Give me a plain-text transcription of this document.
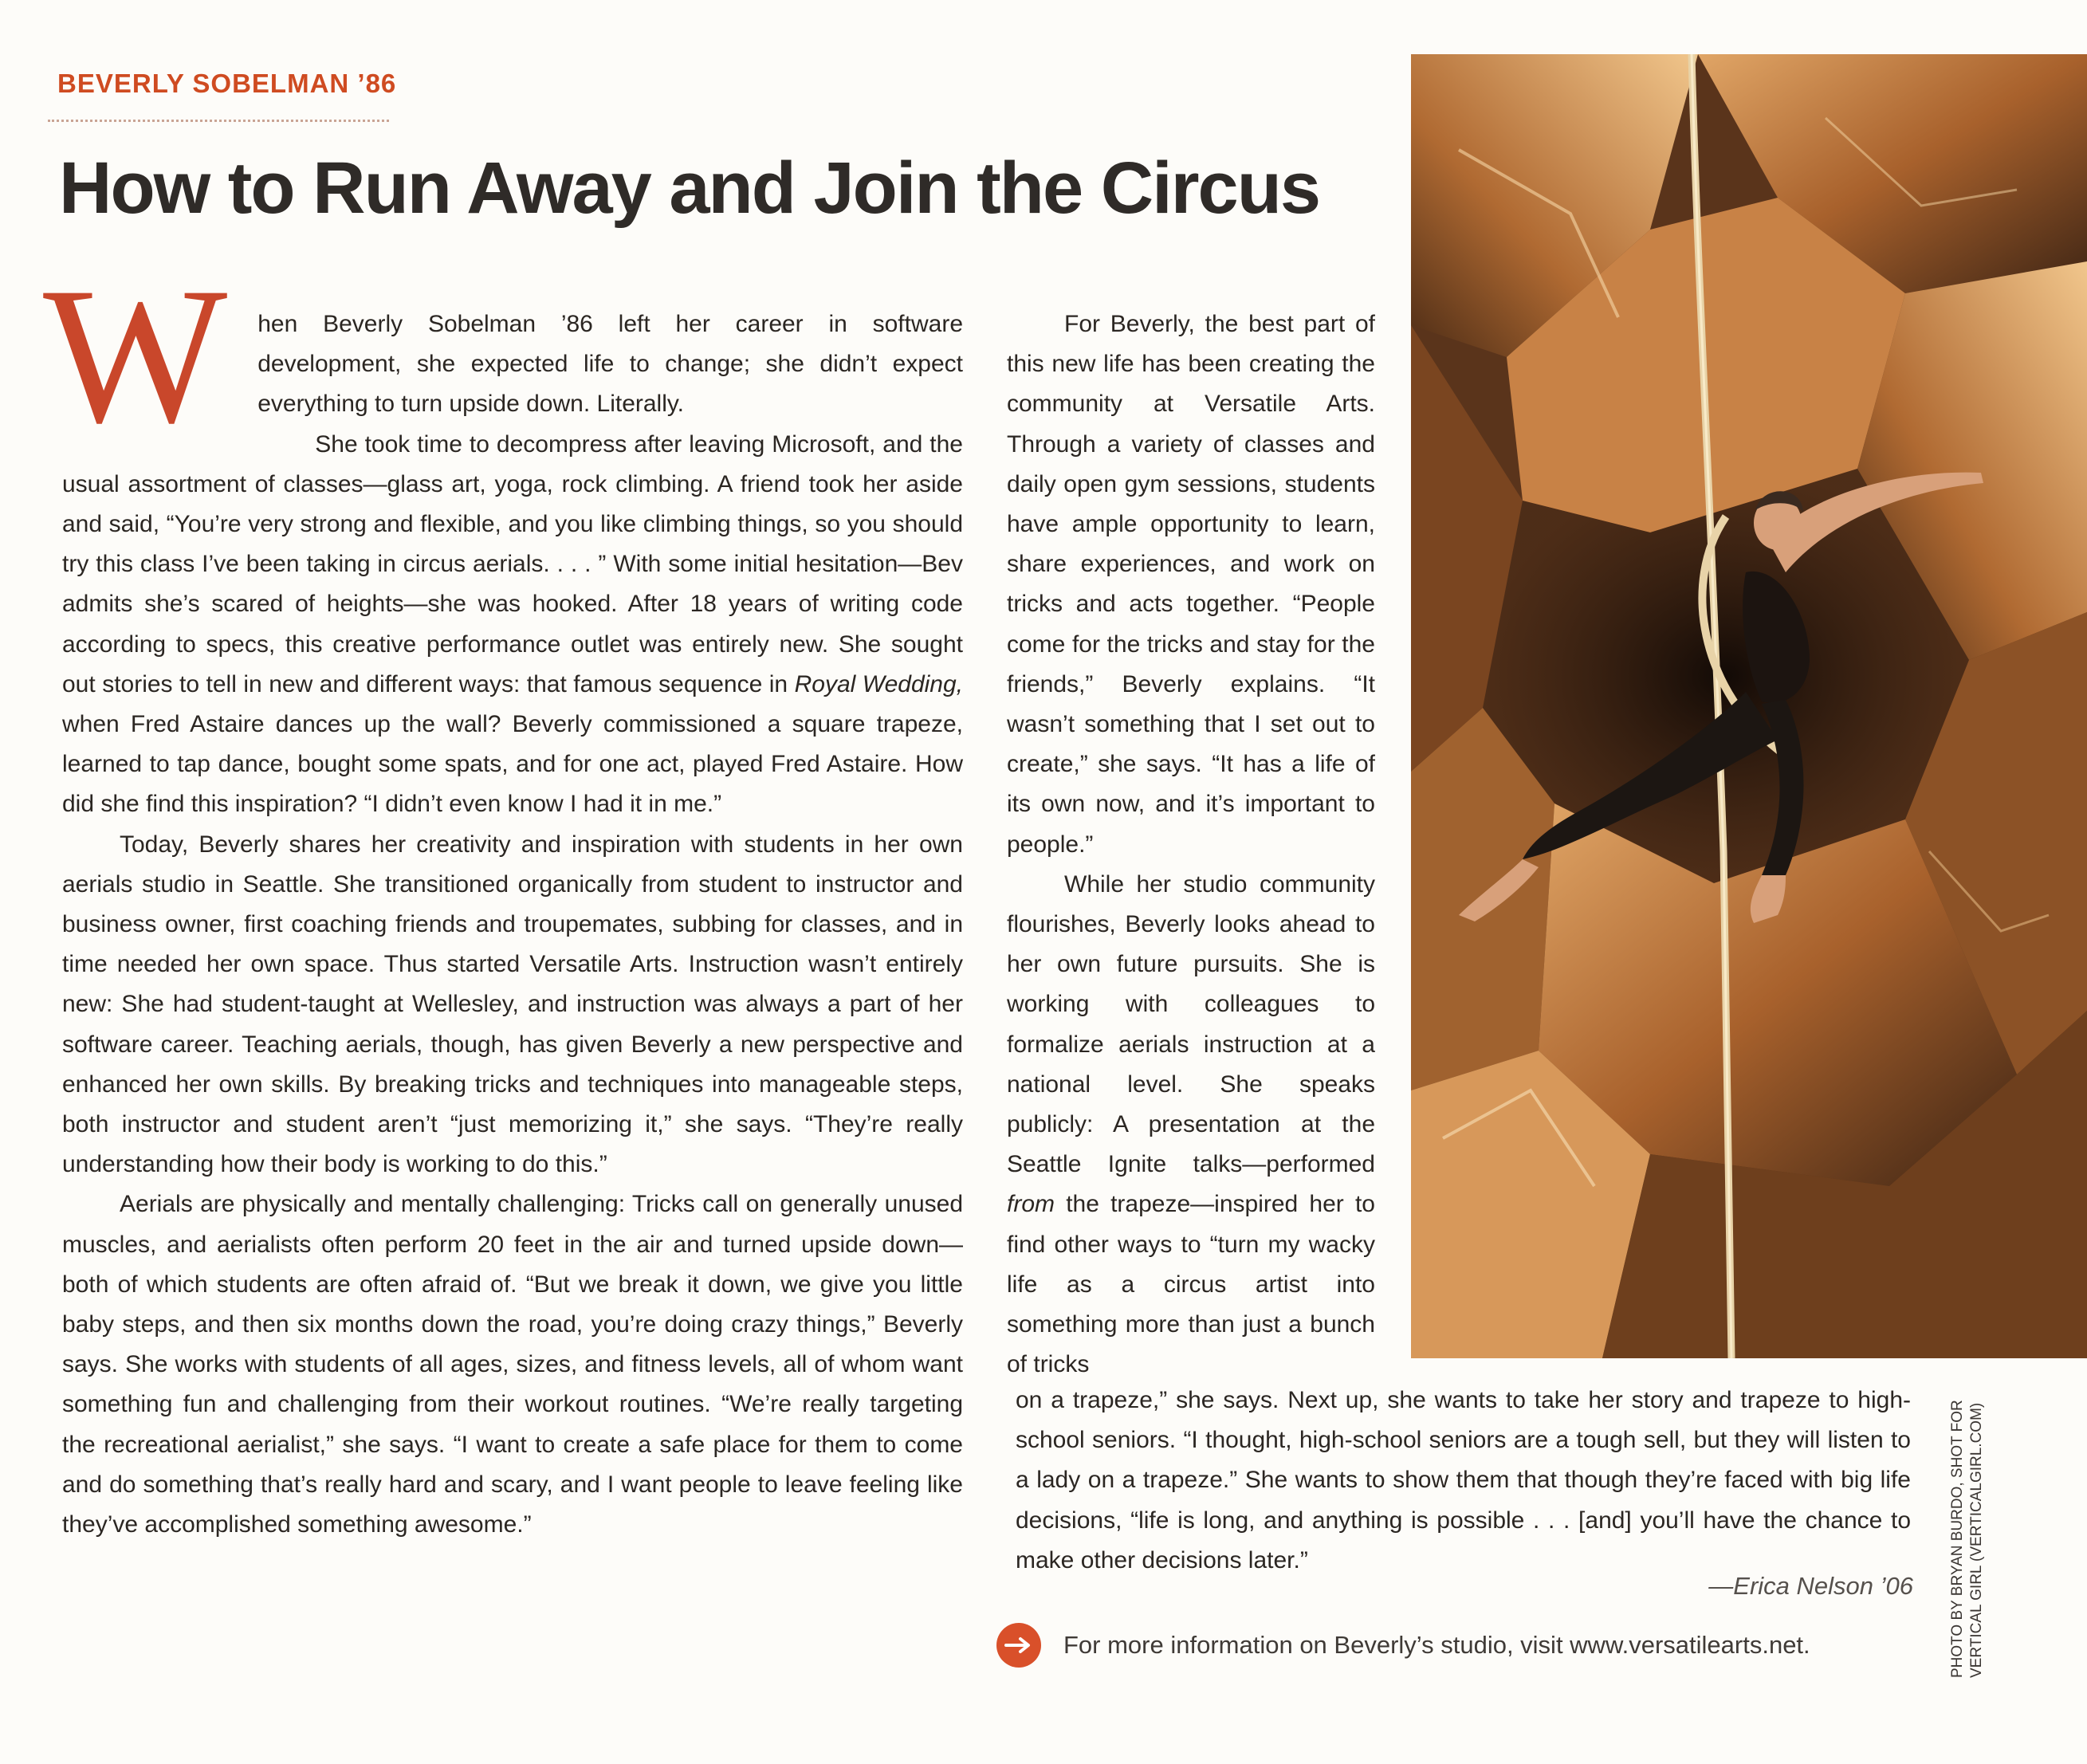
BEVERLY SOBELMAN ’86
How to Run Away and Join the Circus

W hen Beverly Sobelman ’86 left her career in software development, she expected life to change; she didn’t expect everything to turn upside down. Literally.

She took time to decompress after leaving Microsoft, and the usual assortment of classes—glass art, yoga, rock climbing. A friend took her aside and said, “You’re very strong and flexible, and you like climbing things, so you should try this class I’ve been taking in circus aerials. . . . ” With some initial hesitation—Bev admits she’s scared of heights—she was hooked. After 18 years of writing code according to specs, this creative performance outlet was entirely new. She sought out stories to tell in new and different ways: that famous sequence in Royal Wedding, when Fred Astaire dances up the wall? Beverly commissioned a square trapeze, learned to tap dance, bought some spats, and for one act, played Fred Astaire. How did she find this inspiration? “I didn’t even know I had it in me.”

Today, Beverly shares her creativity and inspiration with students in her own aerials studio in Seattle. She transitioned organically from student to instructor and business owner, first coaching friends and troupemates, subbing for classes, and in time needed her own space. Thus started Versatile Arts. Instruction wasn’t entirely new: She had student-taught at Wellesley, and instruction was always a part of her software career. Teaching aerials, though, has given Beverly a new perspective and enhanced her own skills. By breaking tricks and techniques into manageable steps, both instructor and student aren’t “just memorizing it,” she says. “They’re really understanding how their body is working to do this.”

Aerials are physically and mentally challenging: Tricks call on generally unused muscles, and aerialists often perform 20 feet in the air and turned upside down—both of which students are often afraid of. “But we break it down, we give you little baby steps, and then six months down the road, you’re doing crazy things,” Beverly says. She works with students of all ages, sizes, and fitness levels, all of whom want something fun and challenging from their workout routines. “We’re really targeting the recreational aerialist,” she says. “I want to create a safe place for them to come and do something that’s really hard and scary, and I want people to leave feeling like they’ve accomplished something awesome.”

For Beverly, the best part of this new life has been creating the community at Versatile Arts. Through a variety of classes and daily open gym sessions, students have ample opportunity to learn, share experiences, and work on tricks and acts together. “People come for the tricks and stay for the friends,” Beverly explains. “It wasn’t something that I set out to create,” she says. “It has a life of its own now, and it’s important to people.”

While her studio community flourishes, Beverly looks ahead to her own future pursuits. She is working with colleagues to formalize aerials instruction at a national level. She speaks publicly: A presentation at the Seattle Ignite talks—performed from the trapeze—inspired her to find other ways to “turn my wacky life as a circus artist into something more than just a bunch of tricks

on a trapeze,” she says. Next up, she wants to take her story and trapeze to high-school seniors. “I thought, high-school seniors are a tough sell, but they will listen to a lady on a trapeze.” She wants to show them that though they’re faced with big life decisions, “life is long, and anything is possible . . . [and] you’ll have the chance to make other decisions later.”

—Erica Nelson ’06
For more information on Beverly’s studio, visit www.versatilearts.net.	PHOTO BY BRYAN BURDO, SHOT FOR VERTICAL GIRL (VERTICALGIRL.COM)
